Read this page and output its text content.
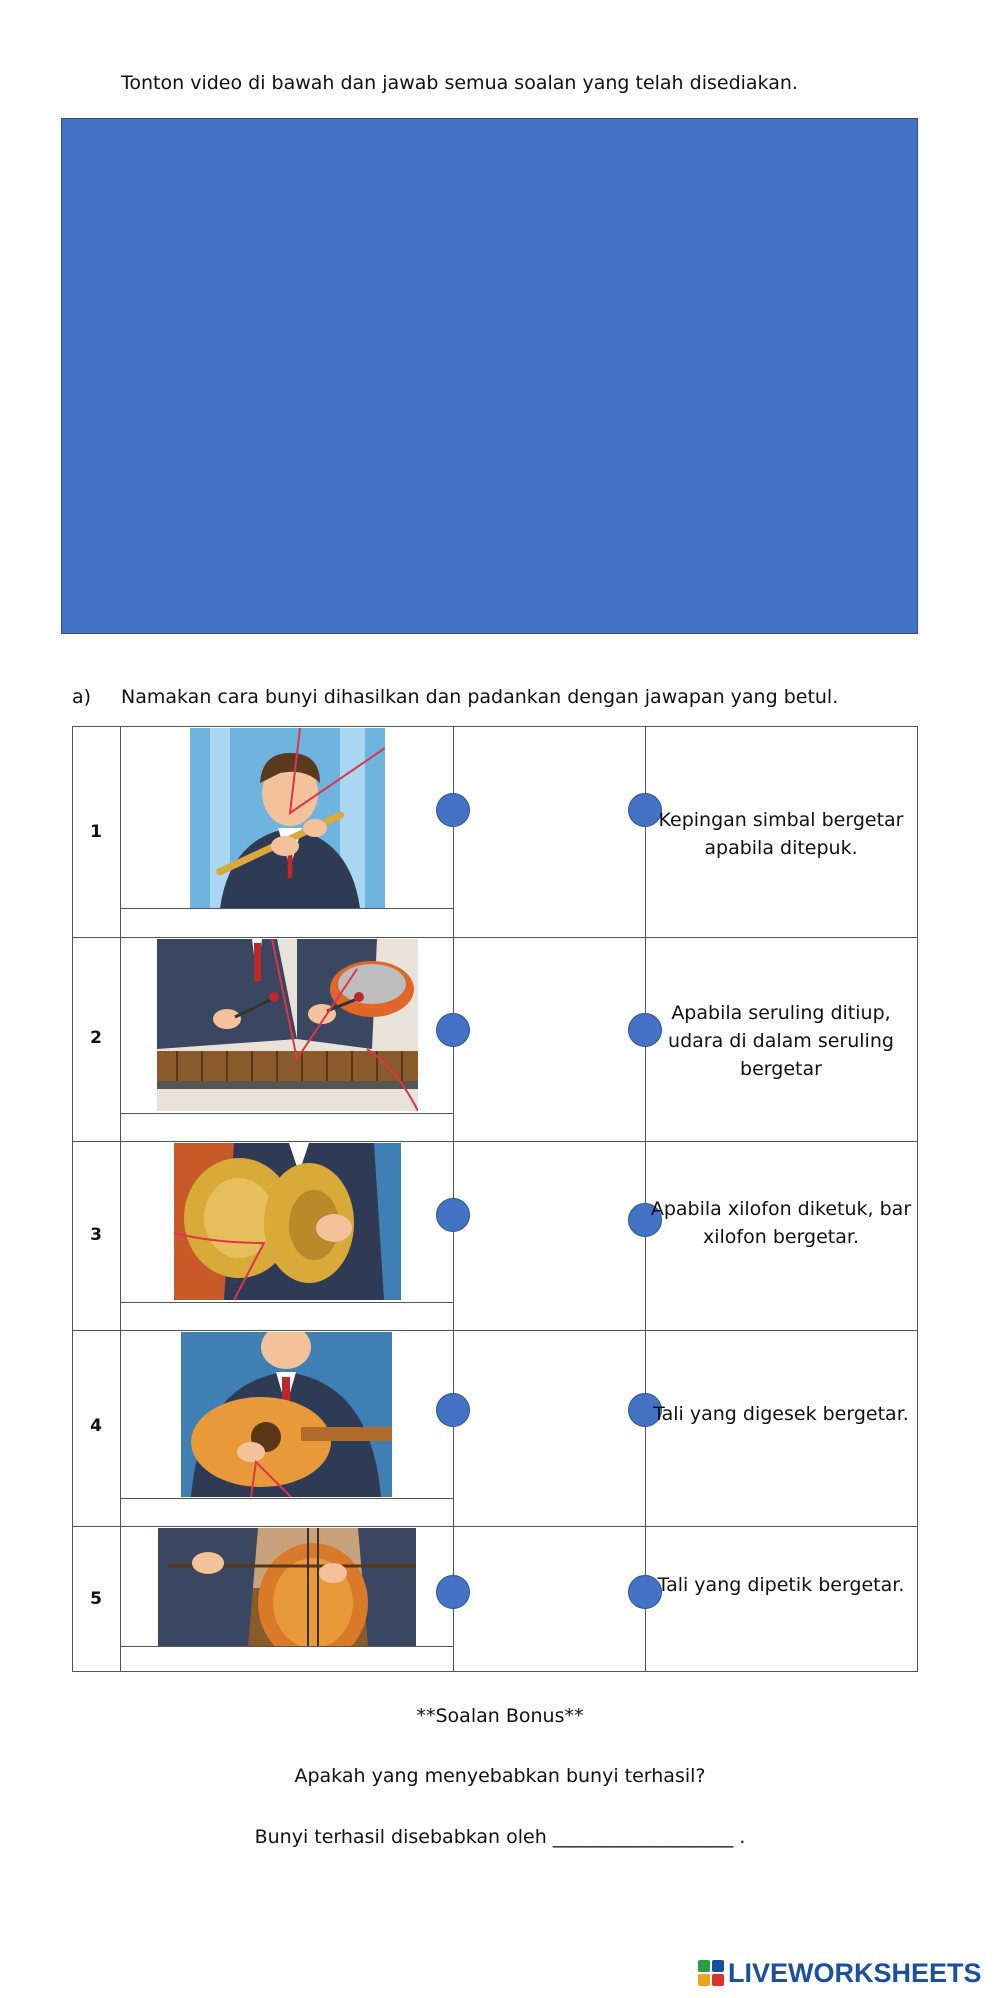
Tonton video di bawah dan jawab semua soalan yang telah disediakan.
a) Namakan cara bunyi dihasilkan dan padankan dengan jawapan yang betul.
1
Kepingan simbal bergetar apabila ditepuk.
2
Apabila seruling ditiup, udara di dalam seruling bergetar
3
Apabila xilofon diketuk, bar xilofon bergetar.
4
Tali yang digesek bergetar.
5
Tali yang dipetik bergetar.
**Soalan Bonus**
Apakah yang menyebabkan bunyi terhasil?
Bunyi terhasil disebabkan oleh ___________________ .
LIVEWORKSHEETS
